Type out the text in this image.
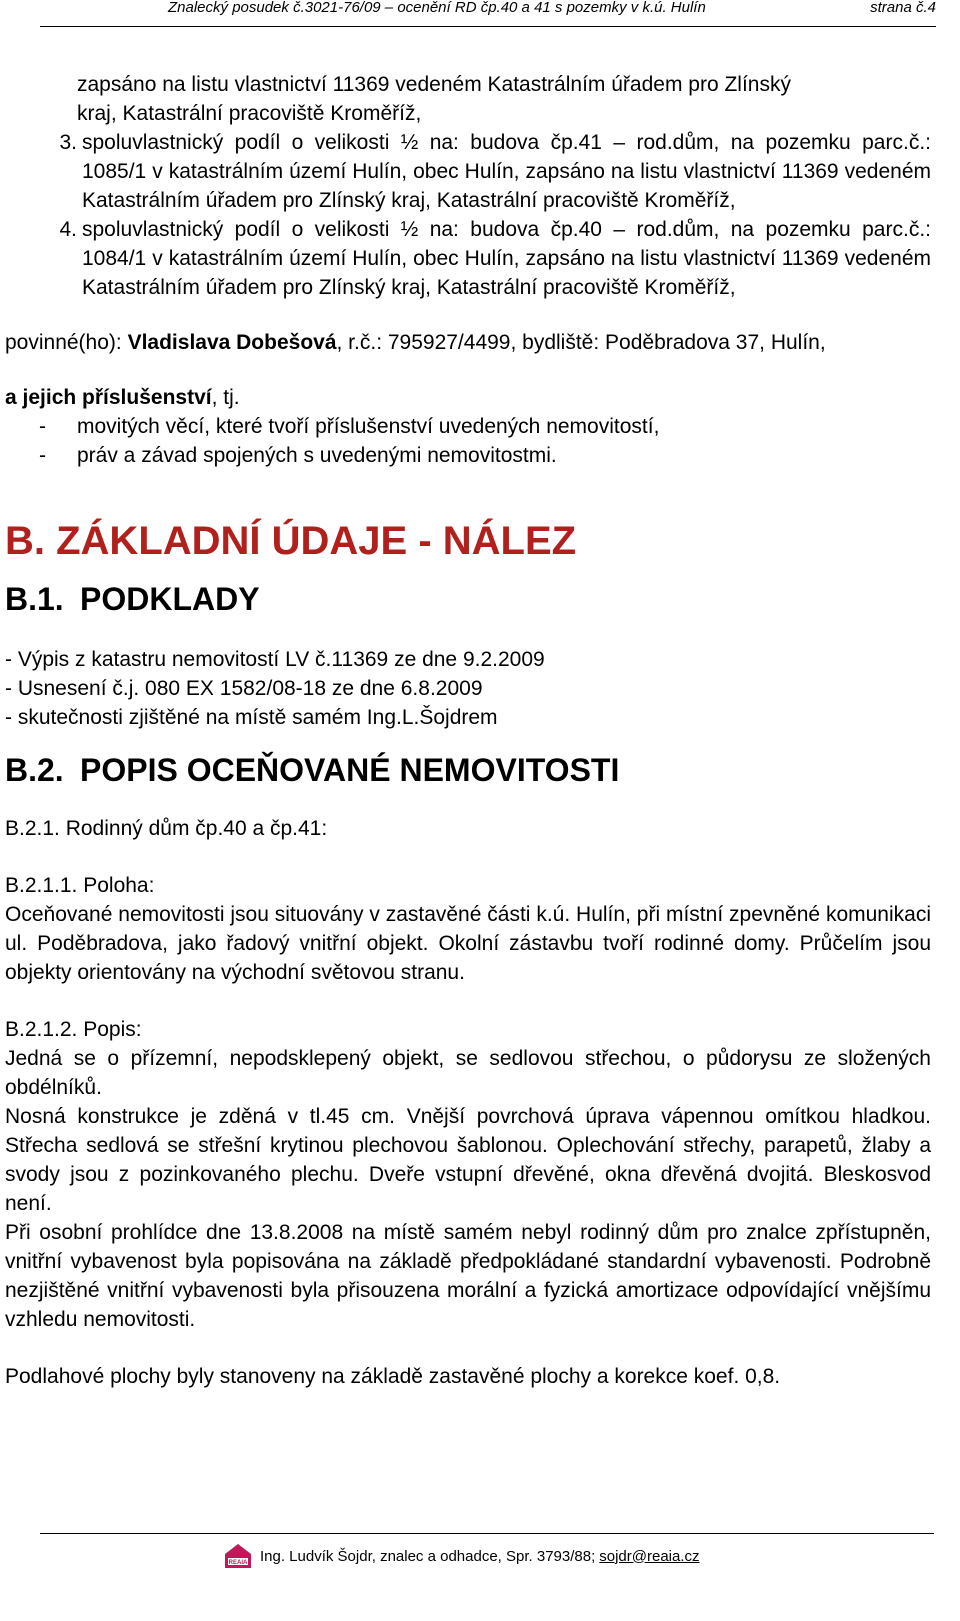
Znalecký posudek č.3021-76/09 – ocenění RD čp.40 a 41 s pozemky v k.ú. Hulín	strana č.4

zapsáno na listu vlastnictví 11369 vedeném Katastrálním úřadem pro Zlínský

kraj, Katastrální pracoviště Kroměříž,

3. spoluvlastnický podíl o velikosti ½ na: budova čp.41 – rod.dům, na pozemku parc.č.: 1085/1 v katastrálním území Hulín, obec Hulín, zapsáno na listu vlastnictví 11369 vedeném Katastrálním úřadem pro Zlínský kraj, Katastrální pracoviště Kroměříž,
4. spoluvlastnický podíl o velikosti ½ na: budova čp.40 – rod.dům, na pozemku parc.č.: 1084/1 v katastrálním území Hulín, obec Hulín, zapsáno na listu vlastnictví 11369 vedeném Katastrálním úřadem pro Zlínský kraj, Katastrální pracoviště Kroměříž,

povinné(ho): Vladislava Dobešová, r.č.: 795927/4499, bydliště: Poděbradova 37, Hulín,

a jejich příslušenství, tj.

-	movitých věcí, které tvoří příslušenství uvedených nemovitostí,
-	práv a závad spojených s uvedenými nemovitostmi.
B. ZÁKLADNÍ ÚDAJE - NÁLEZ
B.1. PODKLADY

- Výpis z katastru nemovitostí LV č.11369 ze dne 9.2.2009

- Usnesení č.j. 080 EX 1582/08-18 ze dne 6.8.2009

- skutečnosti zjištěné na místě samém Ing.L.Šojdrem

B.2. POPIS OCEŇOVANÉ NEMOVITOSTI

B.2.1. Rodinný dům čp.40 a čp.41:

B.2.1.1. Poloha:

Oceňované nemovitosti jsou situovány v zastavěné části k.ú. Hulín, při místní zpevněné komunikaci ul. Poděbradova, jako řadový vnitřní objekt. Okolní zástavbu tvoří rodinné domy. Průčelím jsou objekty orientovány na východní světovou stranu.

B.2.1.2. Popis:

Jedná se o přízemní, nepodsklepený objekt, se sedlovou střechou, o půdorysu ze složených obdélníků.

Nosná konstrukce je zděná v tl.45 cm. Vnější povrchová úprava vápennou omítkou hladkou. Střecha sedlová se střešní krytinou plechovou šablonou. Oplechování střechy, parapetů, žlaby a svody jsou z pozinkovaného plechu. Dveře vstupní dřevěné, okna dřevěná dvojitá. Bleskosvod není.

Při osobní prohlídce dne 13.8.2008 na místě samém nebyl rodinný dům pro znalce zpřístupněn, vnitřní vybavenost byla popisována na základě předpokládané standardní vybavenosti. Podrobně nezjištěné vnitřní vybavenosti byla přisouzena morální a fyzická amortizace odpovídající vnějšímu vzhledu nemovitosti.

Podlahové plochy byly stanoveny na základě zastavěné plochy a korekce koef. 0,8.

REAIA Ing. Ludvík Šojdr, znalec a odhadce, Spr. 3793/88; sojdr@reaia.cz
